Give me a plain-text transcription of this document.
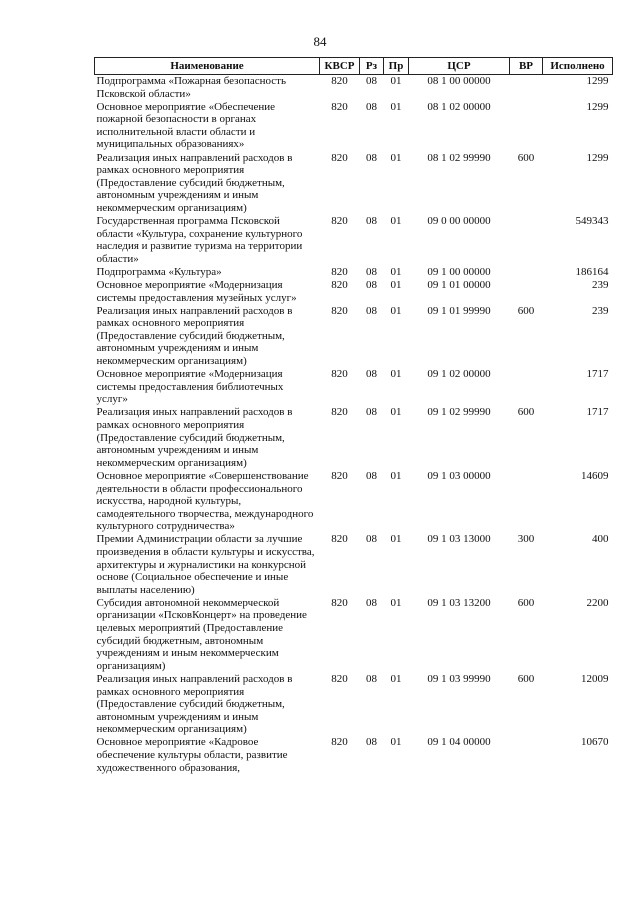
84
Наименование	КВСР	Рз	Пр	ЦСР	ВР	Исполнено
Подпрограмма «Пожарная безопасность Псковской области»	820	08	01	08 1 00 00000		1299
Основное мероприятие «Обеспечение пожарной безопасности в органах исполнительной власти области и муниципальных образованиях»	820	08	01	08 1 02 00000		1299
Реализация иных направлений расходов в рамках основного мероприятия (Предоставление субсидий бюджетным, автономным учреждениям и иным некоммерческим организациям)	820	08	01	08 1 02 99990	600	1299
Государственная программа Псковской области «Культура, сохранение культурного наследия и развитие туризма на территории области»	820	08	01	09 0 00 00000		549343
Подпрограмма «Культура»	820	08	01	09 1 00 00000		186164
Основное мероприятие «Модернизация системы предоставления музейных услуг»	820	08	01	09 1 01 00000		239
Реализация иных направлений расходов в рамках основного мероприятия (Предоставление субсидий бюджетным, автономным учреждениям и иным некоммерческим организациям)	820	08	01	09 1 01 99990	600	239
Основное мероприятие «Модернизация системы предоставления библиотечных услуг»	820	08	01	09 1 02 00000		1717
Реализация иных направлений расходов в рамках основного мероприятия (Предоставление субсидий бюджетным, автономным учреждениям и иным некоммерческим организациям)	820	08	01	09 1 02 99990	600	1717
Основное мероприятие «Совершенствование деятельности в области профессионального искусства, народной культуры, самодеятельного творчества, международного культурного сотрудничества»	820	08	01	09 1 03 00000		14609
Премии Администрации области за лучшие произведения в области культуры и искусства, архитектуры и журналистики на конкурсной основе (Социальное обеспечение и иные выплаты населению)	820	08	01	09 1 03 13000	300	400
Субсидия автономной некоммерческой организации «ПсковКонцерт» на проведение целевых мероприятий (Предоставление субсидий бюджетным, автономным учреждениям и иным некоммерческим организациям)	820	08	01	09 1 03 13200	600	2200
Реализация иных направлений расходов в рамках основного мероприятия (Предоставление субсидий бюджетным, автономным учреждениям и иным некоммерческим организациям)	820	08	01	09 1 03 99990	600	12009
Основное мероприятие «Кадровое обеспечение культуры области, развитие художественного образования,	820	08	01	09 1 04 00000		10670
